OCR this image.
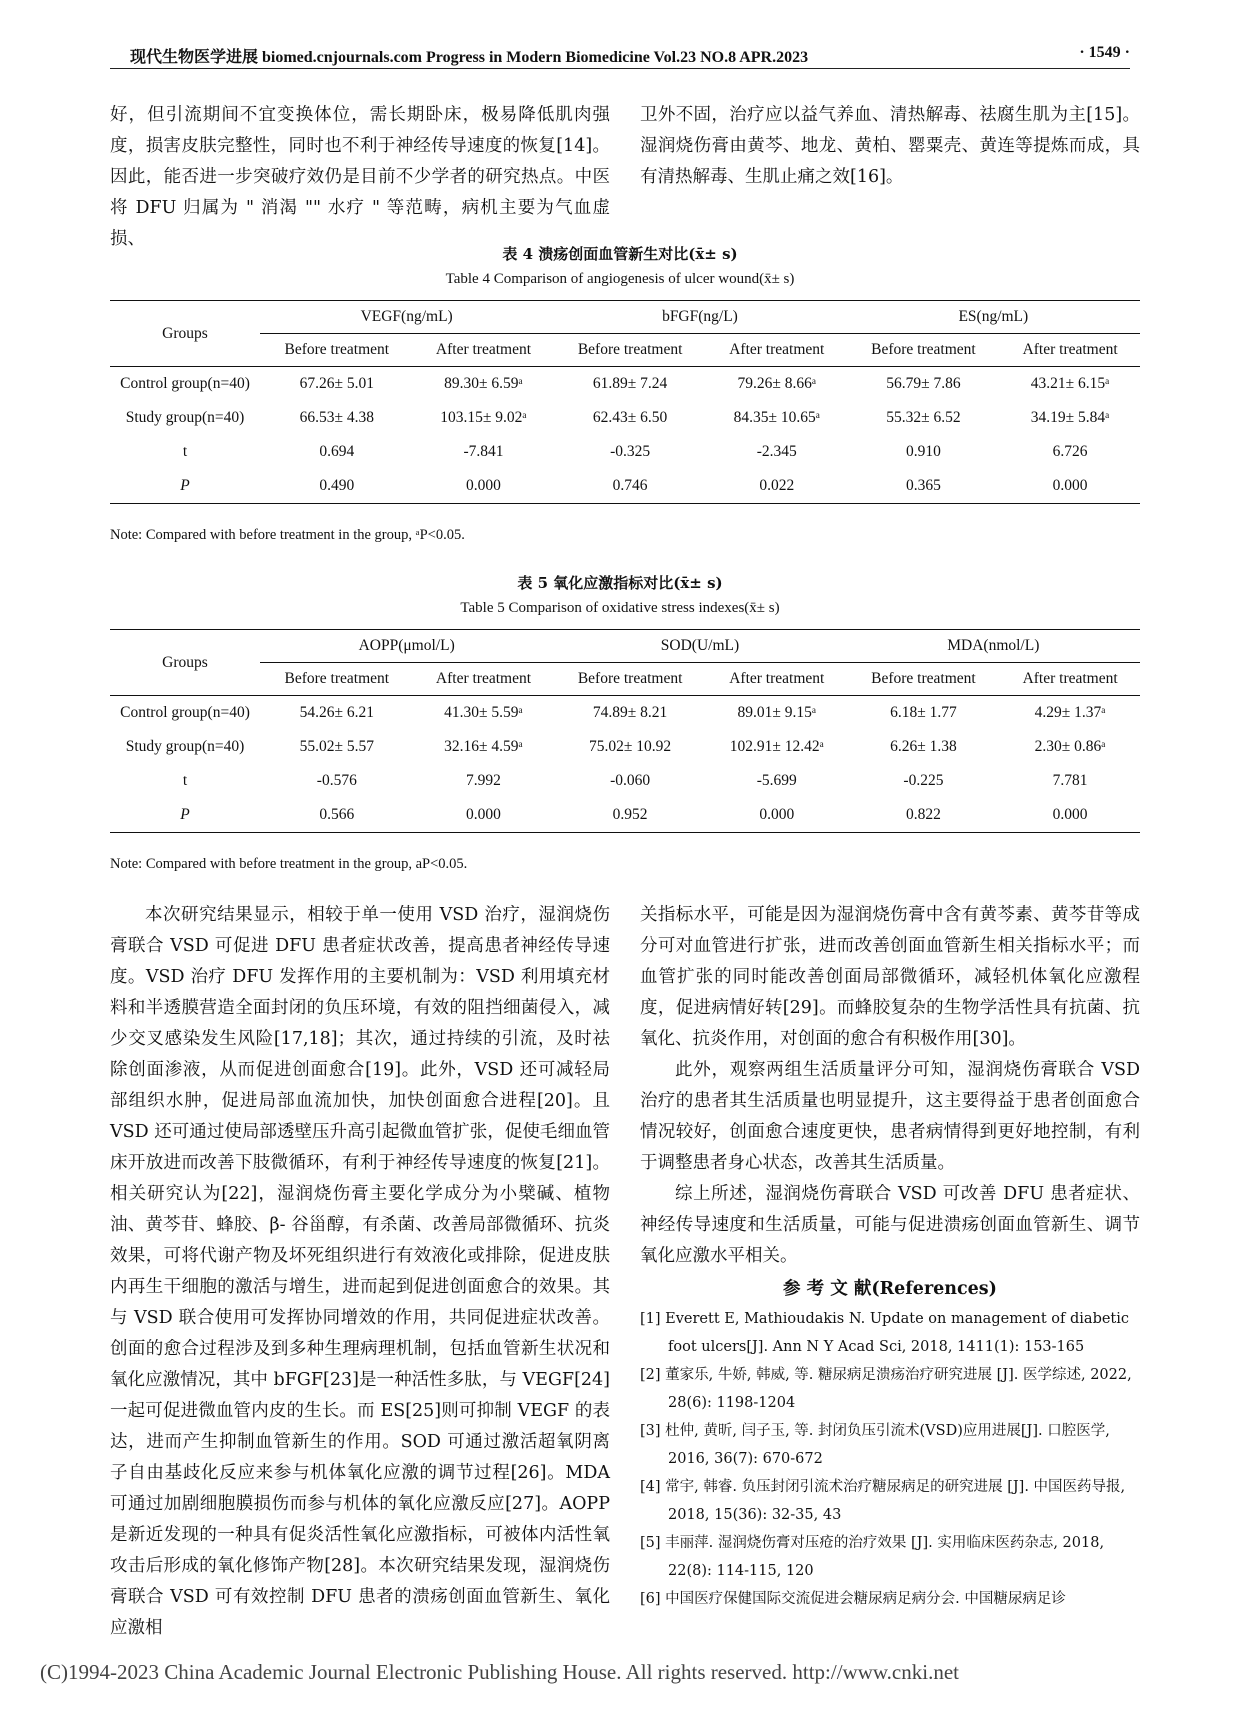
现代生物医学进展 biomed.cnjournals.com Progress in Modern Biomedicine Vol.23 NO.8 APR.2023	· 1549 ·

好，但引流期间不宜变换体位，需长期卧床，极易降低肌肉强度，损害皮肤完整性，同时也不利于神经传导速度的恢复[14]。因此，能否进一步突破疗效仍是目前不少学者的研究热点。中医将 DFU 归属为 " 消渴 "" 水疗 " 等范畴，病机主要为气血虚损、

卫外不固，治疗应以益气养血、清热解毒、祛腐生肌为主[15]。湿润烧伤膏由黄芩、地龙、黄柏、罂粟壳、黄连等提炼而成，具有清热解毒、生肌止痛之效[16]。

表 4 溃疡创面血管新生对比(x̄± s)
Table 4 Comparison of angiogenesis of ulcer wound(x̄± s)
Groups	VEGF(ng/mL)		bFGF(ng/L)		ES(ng/mL)	
	Before treatment	After treatment	Before treatment	After treatment	Before treatment	After treatment
Control group(n=40)	67.26± 5.01	89.30± 6.59ᵃ	61.89± 7.24	79.26± 8.66ᵃ	56.79± 7.86	43.21± 6.15ᵃ
Study group(n=40)	66.53± 4.38	103.15± 9.02ᵃ	62.43± 6.50	84.35± 10.65ᵃ	55.32± 6.52	34.19± 5.84ᵃ
t	0.694	-7.841	-0.325	-2.345	0.910	6.726
P	0.490	0.000	0.746	0.022	0.365	0.000
Note: Compared with before treatment in the group, ᵃP<0.05.
表 5 氧化应激指标对比(x̄± s)
Table 5 Comparison of oxidative stress indexes(x̄± s)
Groups	AOPP(μmol/L)		SOD(U/mL)		MDA(nmol/L)	
	Before treatment	After treatment	Before treatment	After treatment	Before treatment	After treatment
Control group(n=40)	54.26± 6.21	41.30± 5.59ᵃ	74.89± 8.21	89.01± 9.15ᵃ	6.18± 1.77	4.29± 1.37ᵃ
Study group(n=40)	55.02± 5.57	32.16± 4.59ᵃ	75.02± 10.92	102.91± 12.42ᵃ	6.26± 1.38	2.30± 0.86ᵃ
t	-0.576	7.992	-0.060	-5.699	-0.225	7.781
P	0.566	0.000	0.952	0.000	0.822	0.000
Note: Compared with before treatment in the group, aP<0.05.

本次研究结果显示，相较于单一使用 VSD 治疗，湿润烧伤膏联合 VSD 可促进 DFU 患者症状改善，提高患者神经传导速度。VSD 治疗 DFU 发挥作用的主要机制为：VSD 利用填充材料和半透膜营造全面封闭的负压环境，有效的阻挡细菌侵入，减少交叉感染发生风险[17,18]；其次，通过持续的引流，及时祛除创面渗液，从而促进创面愈合[19]。此外，VSD 还可减轻局部组织水肿，促进局部血流加快，加快创面愈合进程[20]。且 VSD 还可通过使局部透壁压升高引起微血管扩张，促使毛细血管床开放进而改善下肢微循环，有利于神经传导速度的恢复[21]。相关研究认为[22]，湿润烧伤膏主要化学成分为小檗碱、植物油、黄芩苷、蜂胶、β- 谷甾醇，有杀菌、改善局部微循环、抗炎效果，可将代谢产物及坏死组织进行有效液化或排除，促进皮肤内再生干细胞的激活与增生，进而起到促进创面愈合的效果。其与 VSD 联合使用可发挥协同增效的作用，共同促进症状改善。创面的愈合过程涉及到多种生理病理机制，包括血管新生状况和氧化应激情况，其中 bFGF[23]是一种活性多肽，与 VEGF[24]一起可促进微血管内皮的生长。而 ES[25]则可抑制 VEGF 的表达，进而产生抑制血管新生的作用。SOD 可通过激活超氧阴离子自由基歧化反应来参与机体氧化应激的调节过程[26]。MDA 可通过加剧细胞膜损伤而参与机体的氧化应激反应[27]。AOPP 是新近发现的一种具有促炎活性氧化应激指标，可被体内活性氧攻击后形成的氧化修饰产物[28]。本次研究结果发现，湿润烧伤膏联合 VSD 可有效控制 DFU 患者的溃疡创面血管新生、氧化应激相

关指标水平，可能是因为湿润烧伤膏中含有黄芩素、黄芩苷等成分可对血管进行扩张，进而改善创面血管新生相关指标水平；而血管扩张的同时能改善创面局部微循环，减轻机体氧化应激程度，促进病情好转[29]。而蜂胶复杂的生物学活性具有抗菌、抗氧化、抗炎作用，对创面的愈合有积极作用[30]。

此外，观察两组生活质量评分可知，湿润烧伤膏联合 VSD 治疗的患者其生活质量也明显提升，这主要得益于患者创面愈合情况较好，创面愈合速度更快，患者病情得到更好地控制，有利于调整患者身心状态，改善其生活质量。

综上所述，湿润烧伤膏联合 VSD 可改善 DFU 患者症状、神经传导速度和生活质量，可能与促进溃疡创面血管新生、调节氧化应激水平相关。

参 考 文 献(References)
[1] Everett E, Mathioudakis N. Update on management of diabetic foot ulcers[J]. Ann N Y Acad Sci, 2018, 1411(1): 153-165
[2] 董家乐, 牛娇, 韩威, 等. 糖尿病足溃疡治疗研究进展 [J]. 医学综述, 2022, 28(6): 1198-1204
[3] 杜仲, 黄昕, 闫子玉, 等. 封闭负压引流术(VSD)应用进展[J]. 口腔医学, 2016, 36(7): 670-672
[4] 常宇, 韩睿. 负压封闭引流术治疗糖尿病足的研究进展 [J]. 中国医药导报, 2018, 15(36): 32-35, 43
[5] 丰丽萍. 湿润烧伤膏对压疮的治疗效果 [J]. 实用临床医药杂志, 2018, 22(8): 114-115, 120
[6] 中国医疗保健国际交流促进会糖尿病足病分会. 中国糖尿病足诊
(C)1994-2023 China Academic Journal Electronic Publishing House. All rights reserved. http://www.cnki.net
